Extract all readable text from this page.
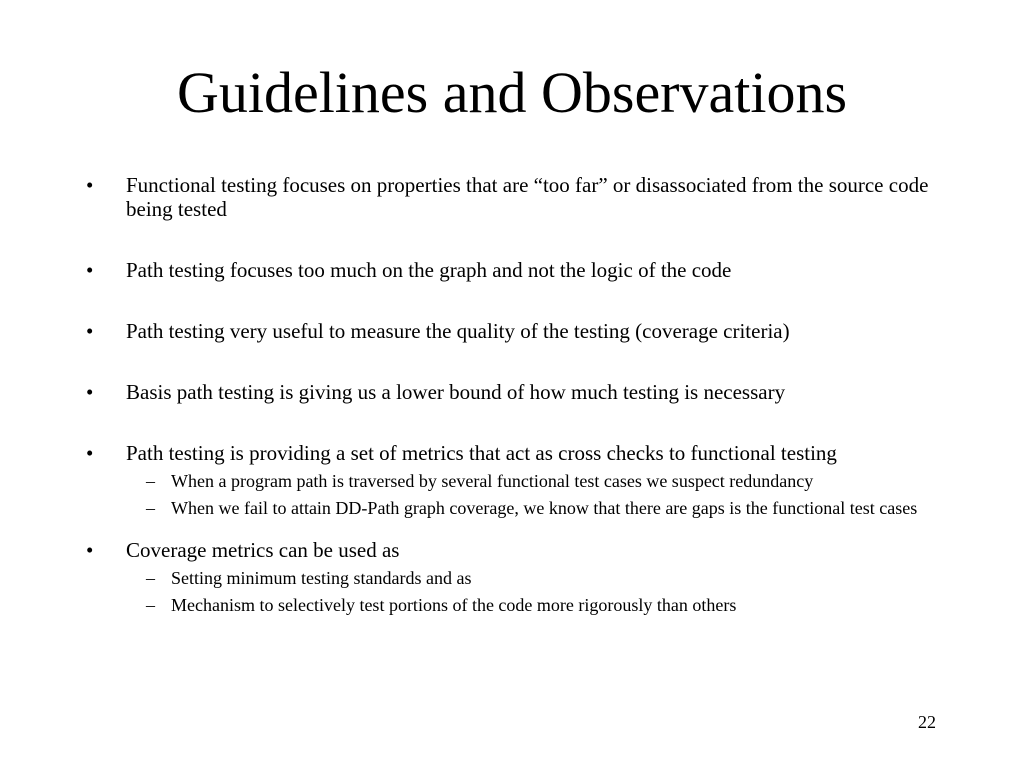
Guidelines and Observations
• Functional testing focuses on properties that are “too far” or disassociated from the source code being tested
• Path testing focuses too much on the graph and not the logic of the code
• Path testing very useful to measure the quality of the testing (coverage criteria)
• Basis path testing is giving us a lower bound of how much testing is necessary
• Path testing is providing a set of metrics that act as cross checks to functional testing
– When a program path is traversed by several functional test cases we suspect redundancy
– When we fail to attain DD-Path graph coverage, we know that there are gaps is the functional test cases
• Coverage metrics can be used as
– Setting minimum testing standards and as
– Mechanism to selectively test portions of the code more rigorously than others
22
